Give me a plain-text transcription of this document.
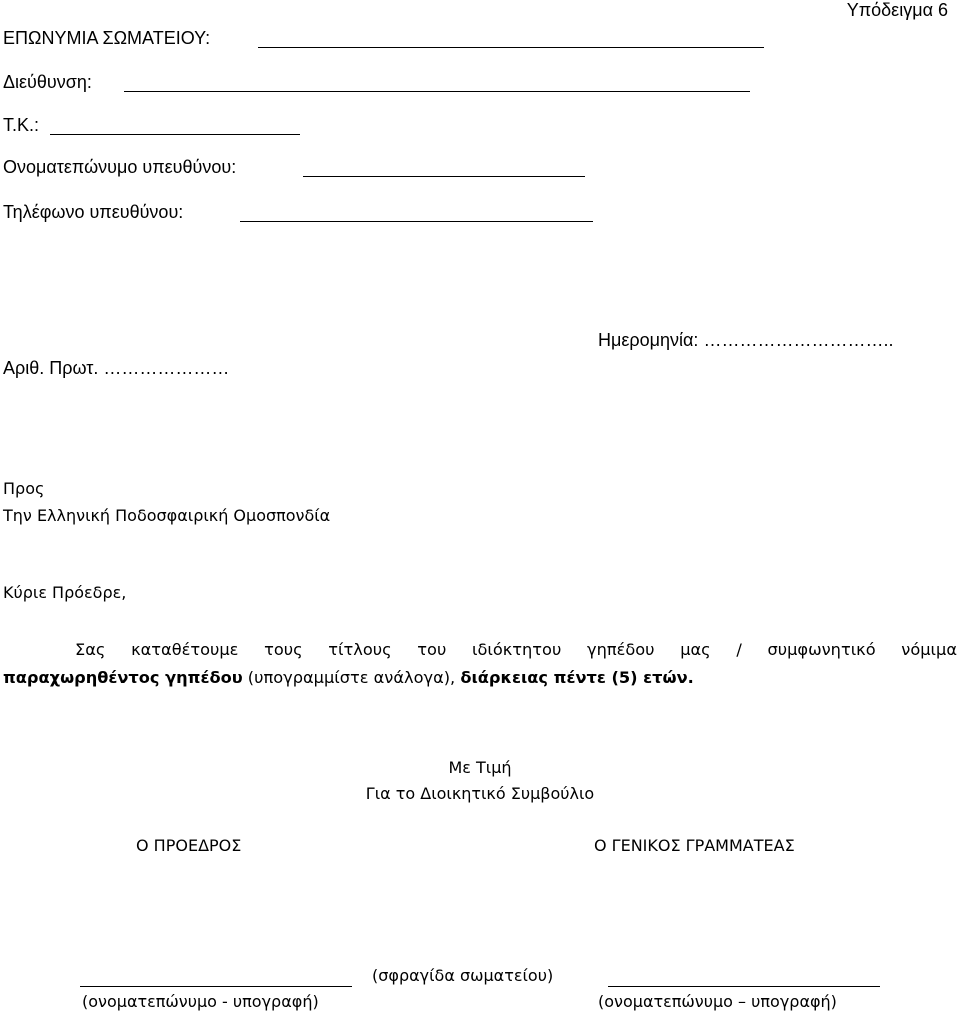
Υπόδειγμα 6
ΕΠΩΝΥΜΙΑ ΣΩΜΑΤΕΙΟΥ:
Διεύθυνση:
Τ.Κ.:
Ονοματεπώνυμο υπευθύνου:
Τηλέφωνο υπευθύνου:
Αριθ. Πρωτ. …………………
Ημερομηνία: …………………………..
Προς
Την Ελληνική Ποδοσφαιρική Ομοσπονδία
Κύριε Πρόεδρε,
Σας καταθέτουμε τους τίτλους του ιδιόκτητου γηπέδου μας / συμφωνητικό νόμιμα
παραχωρηθέντος γηπέδου (υπογραμμίστε ανάλογα), διάρκειας πέντε (5) ετών.
Με Τιμή
Για το Διοικητικό Συμβούλιο
Ο ΠΡΟΕΔΡΟΣ	Ο ΓΕΝΙΚΟΣ ΓΡΑΜΜΑΤΕΑΣ
(σφραγίδα σωματείου)
(ονοματεπώνυμο - υπογραφή)	(ονοματεπώνυμο – υπογραφή)
